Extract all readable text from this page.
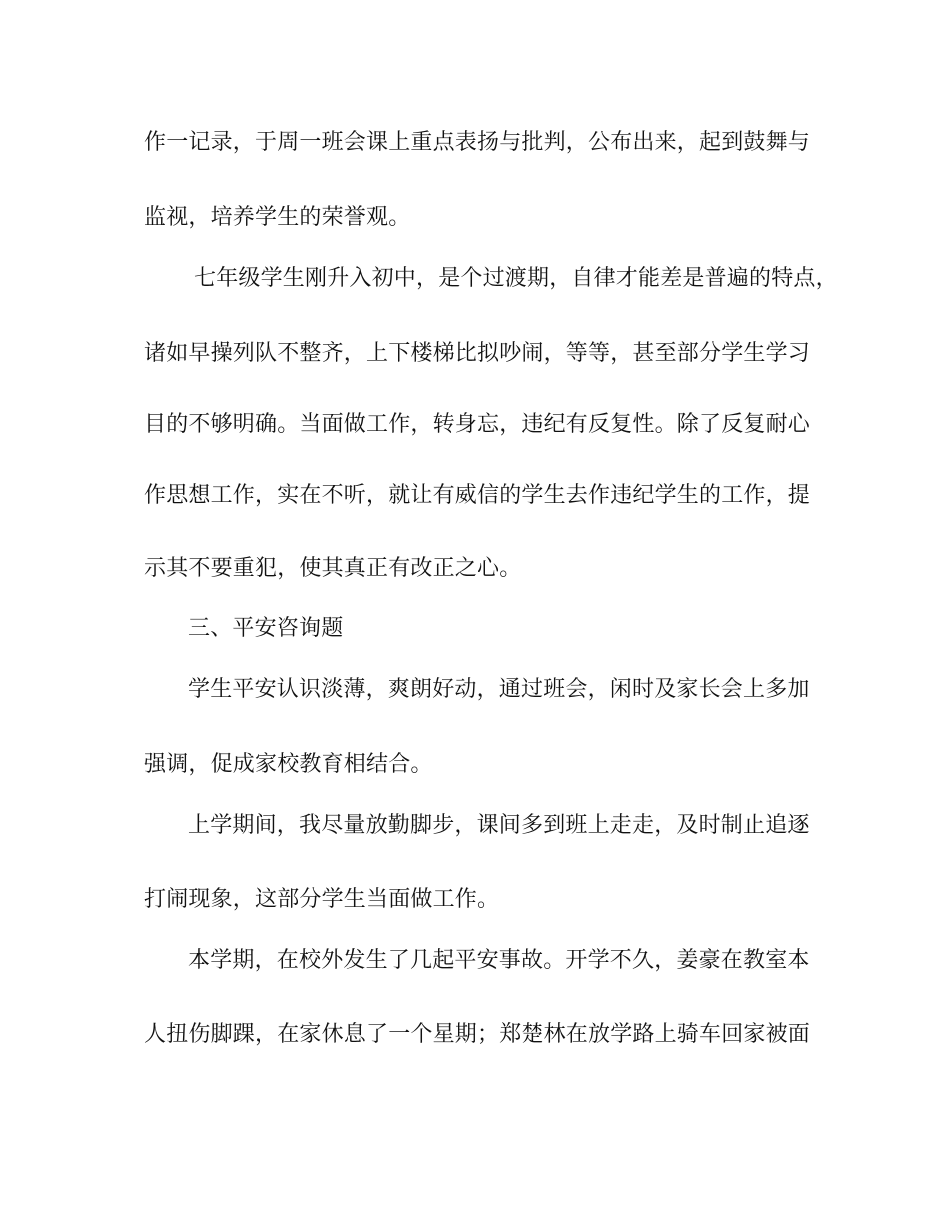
作一记录，于周一班会课上重点表扬与批判，公布出来，起到鼓舞与
监视，培养学生的荣誉观。
七年级学生刚升入初中，是个过渡期，自律才能差是普遍的特点，
诸如早操列队不整齐，上下楼梯比拟吵闹，等等，甚至部分学生学习
目的不够明确。当面做工作，转身忘，违纪有反复性。除了反复耐心
作思想工作，实在不听，就让有威信的学生去作违纪学生的工作，提
示其不要重犯，使其真正有改正之心。
三、平安咨询题
学生平安认识淡薄，爽朗好动，通过班会，闲时及家长会上多加
强调，促成家校教育相结合。
上学期间，我尽量放勤脚步，课间多到班上走走，及时制止追逐
打闹现象，这部分学生当面做工作。
本学期，在校外发生了几起平安事故。开学不久，姜豪在教室本
人扭伤脚踝，在家休息了一个星期；郑楚林在放学路上骑车回家被面
